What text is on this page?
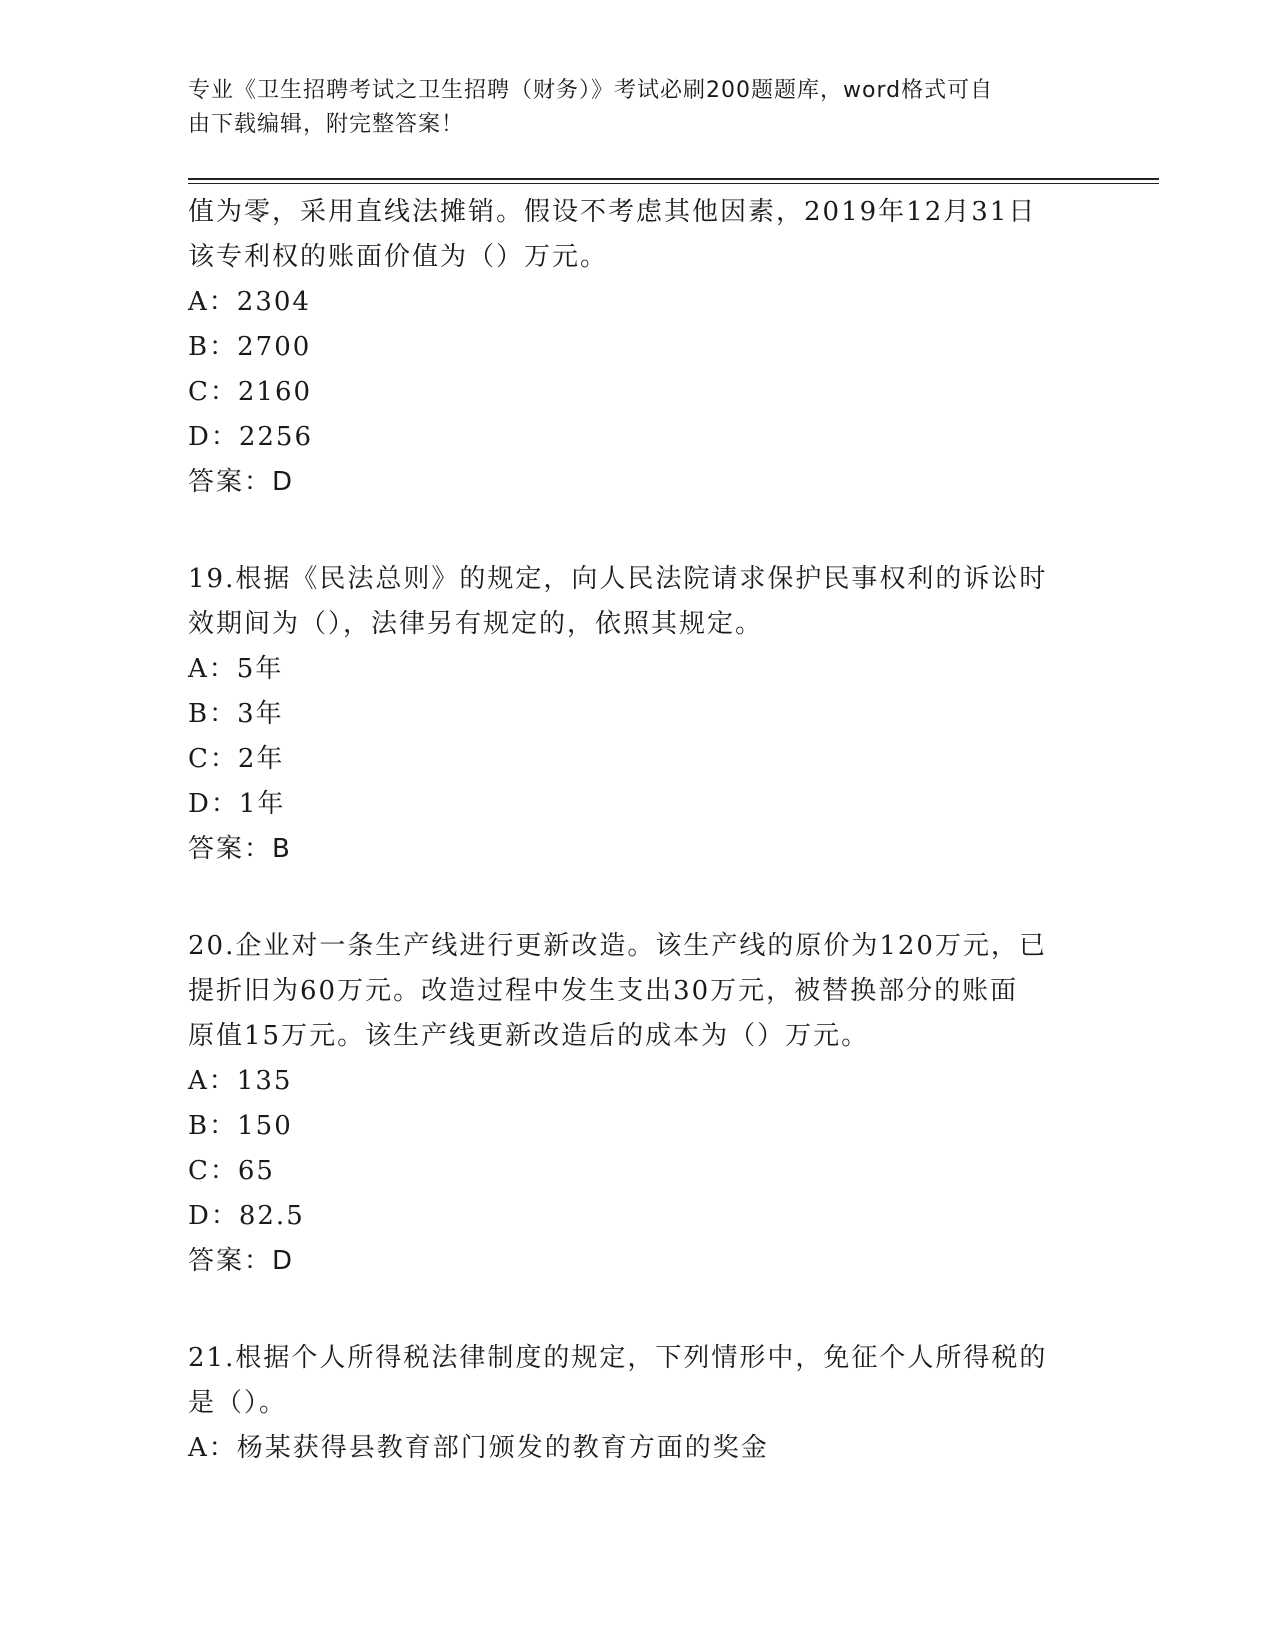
专业《卫生招聘考试之卫生招聘（财务）》考试必刷200题题库，word格式可自
由下载编辑，附完整答案！

值为零，采用直线法摊销。假设不考虑其他因素，2019年12月31日

该专利权的账面价值为（）万元。

A：2304

B：2700

C：2160

D：2256

答案：D

19.根据《民法总则》的规定，向人民法院请求保护民事权利的诉讼时

效期间为（），法律另有规定的，依照其规定。

A：5年

B：3年

C：2年

D：1年

答案：B

20.企业对一条生产线进行更新改造。该生产线的原价为120万元，已

提折旧为60万元。改造过程中发生支出30万元，被替换部分的账面

原值15万元。该生产线更新改造后的成本为（）万元。

A：135

B：150

C：65

D：82.5

答案：D

21.根据个人所得税法律制度的规定，下列情形中，免征个人所得税的

是（）。

A：杨某获得县教育部门颁发的教育方面的奖金
